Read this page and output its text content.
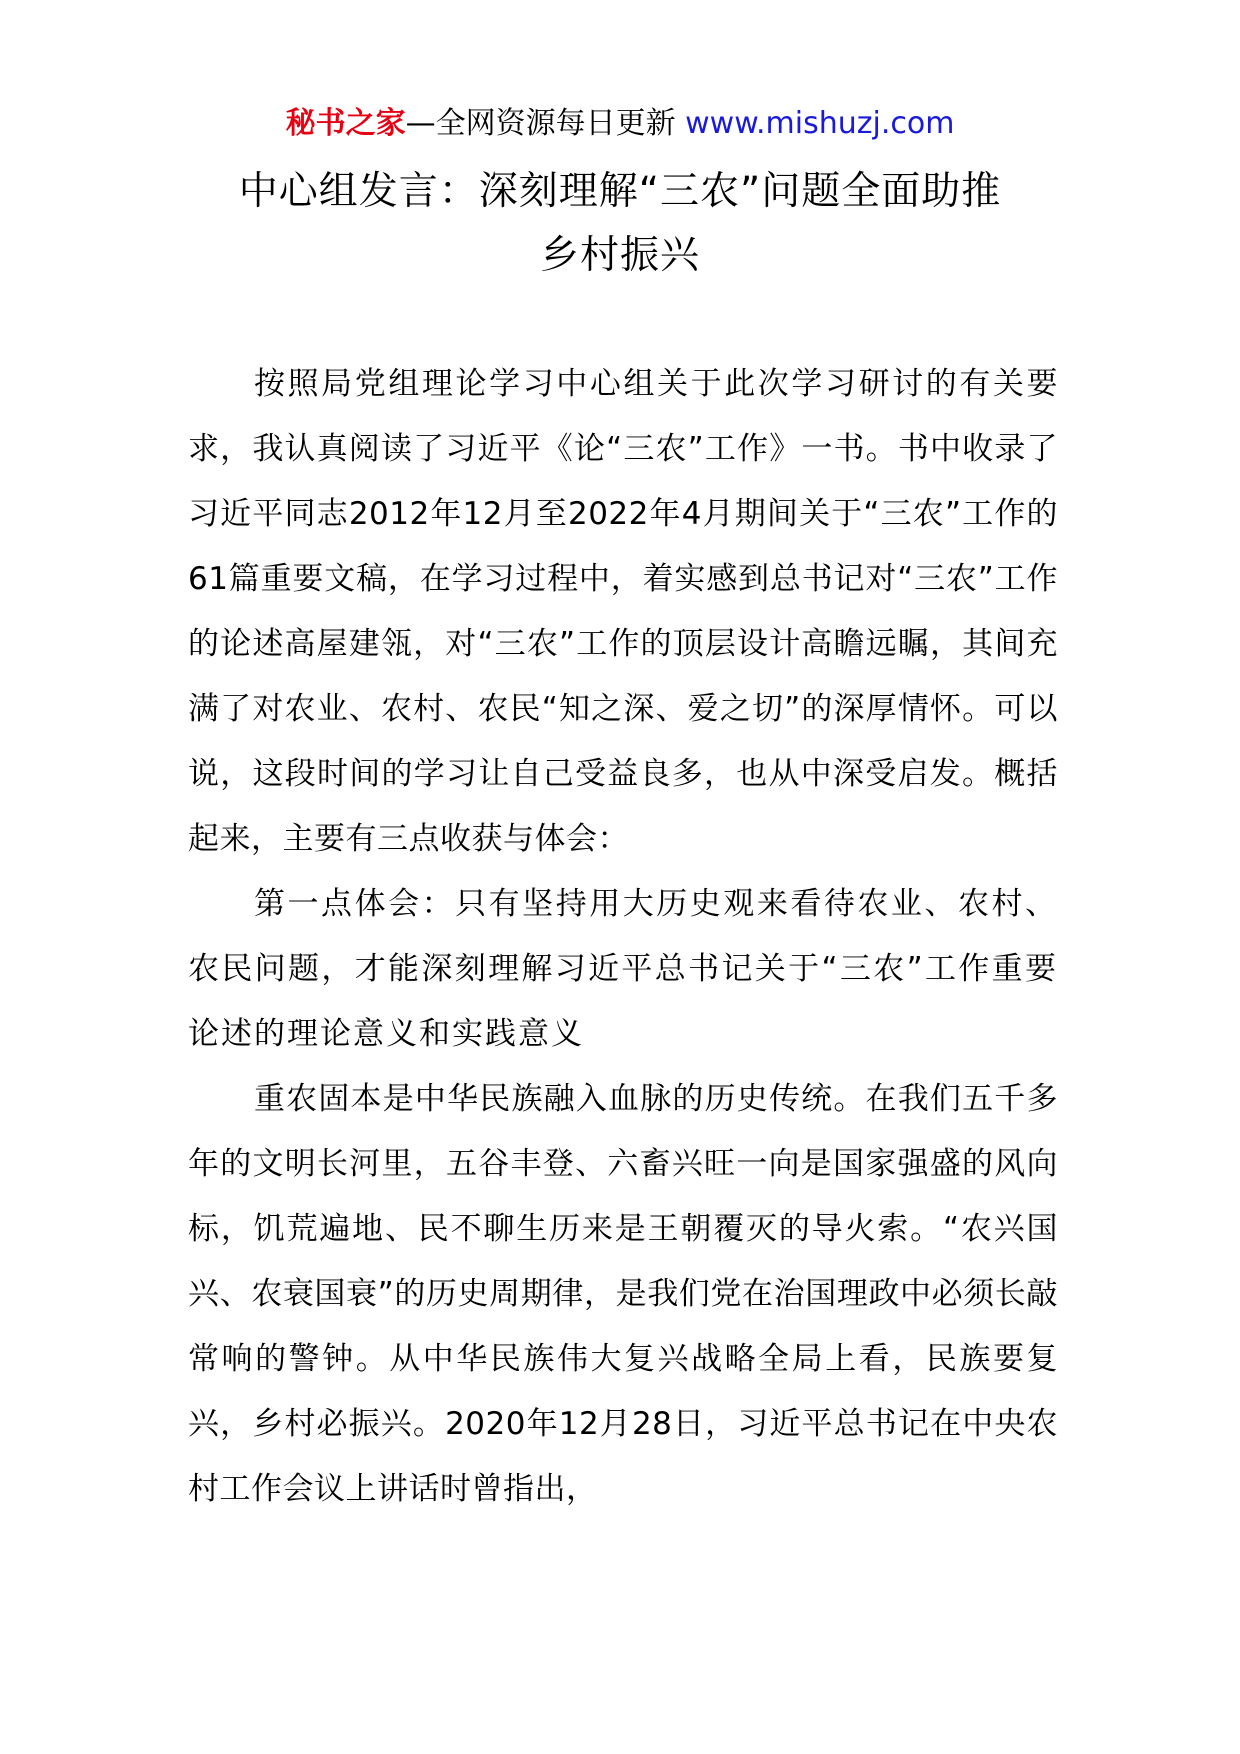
秘书之家—全网资源每日更新 www.mishuzj.com
中心组发言：深刻理解“三农”问题全面助推
乡村振兴

按照局党组理论学习中心组关于此次学习研讨的有关要求，我认真阅读了习近平《论“三农”工作》一书。书中收录了习近平同志2012年12月至2022年4月期间关于“三农”工作的61篇重要文稿，在学习过程中，着实感到总书记对“三农”工作的论述高屋建瓴，对“三农”工作的顶层设计高瞻远瞩，其间充满了对农业、农村、农民“知之深、爱之切”的深厚情怀。可以说，这段时间的学习让自己受益良多，也从中深受启发。概括起来，主要有三点收获与体会：

第一点体会：只有坚持用大历史观来看待农业、农村、农民问题，才能深刻理解习近平总书记关于“三农”工作重要论述的理论意义和实践意义

重农固本是中华民族融入血脉的历史传统。在我们五千多年的文明长河里，五谷丰登、六畜兴旺一向是国家强盛的风向标，饥荒遍地、民不聊生历来是王朝覆灭的导火索。“农兴国兴、农衰国衰”的历史周期律，是我们党在治国理政中必须长敲常响的警钟。从中华民族伟大复兴战略全局上看，民族要复兴，乡村必振兴。2020年12月28日，习近平总书记在中央农村工作会议上讲话时曾指出，
